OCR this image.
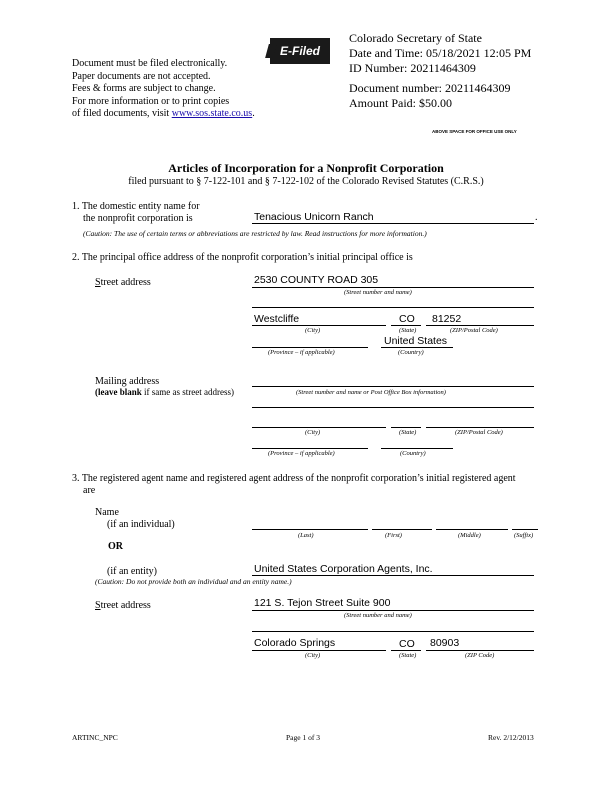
E-Filed
Document must be filed electronically.
Paper documents are not accepted.
Fees & forms are subject to change.
For more information or to print copies
of filed documents, visit www.sos.state.co.us.
Colorado Secretary of State
Date and Time: 05/18/2021 12:05 PM
ID Number: 20211464309
Document number: 20211464309
Amount Paid: $50.00
ABOVE SPACE FOR OFFICE USE ONLY
Articles of Incorporation for a Nonprofit Corporation
filed pursuant to § 7-122-101 and § 7-122-102 of the Colorado Revised Statutes (C.R.S.)
1. The domestic entity name for
the nonprofit corporation is	Tenacious Unicorn Ranch	.
(Caution: The use of certain terms or abbreviations are restricted by law. Read instructions for more information.)
2. The principal office address of the nonprofit corporation’s initial principal office is
Street address	2530 COUNTY ROAD 305
(Street number and name)
Westcliffe	CO 81252
(City)	(State)	(ZIP/Postal Code)
United States
(Province – if applicable)	(Country)
Mailing address
(leave blank if same as street address)	(Street number and name or Post Office Box information)
(City)	(State)	(ZIP/Postal Code)
(Province – if applicable)	(Country)
3. The registered agent name and registered agent address of the nonprofit corporation’s initial registered agent
are
Name
(if an individual)
(Last)	(First)	(Middle)	(Suffix)
OR
(if an entity)	United States Corporation Agents, Inc.
(Caution: Do not provide both an individual and an entity name.)
Street address	121 S. Tejon Street Suite 900
(Street number and name)
Colorado Springs	CO 80903
(City)	(State)	(ZIP Code)
ARTINC_NPC	Page 1 of 3	Rev. 2/12/2013
